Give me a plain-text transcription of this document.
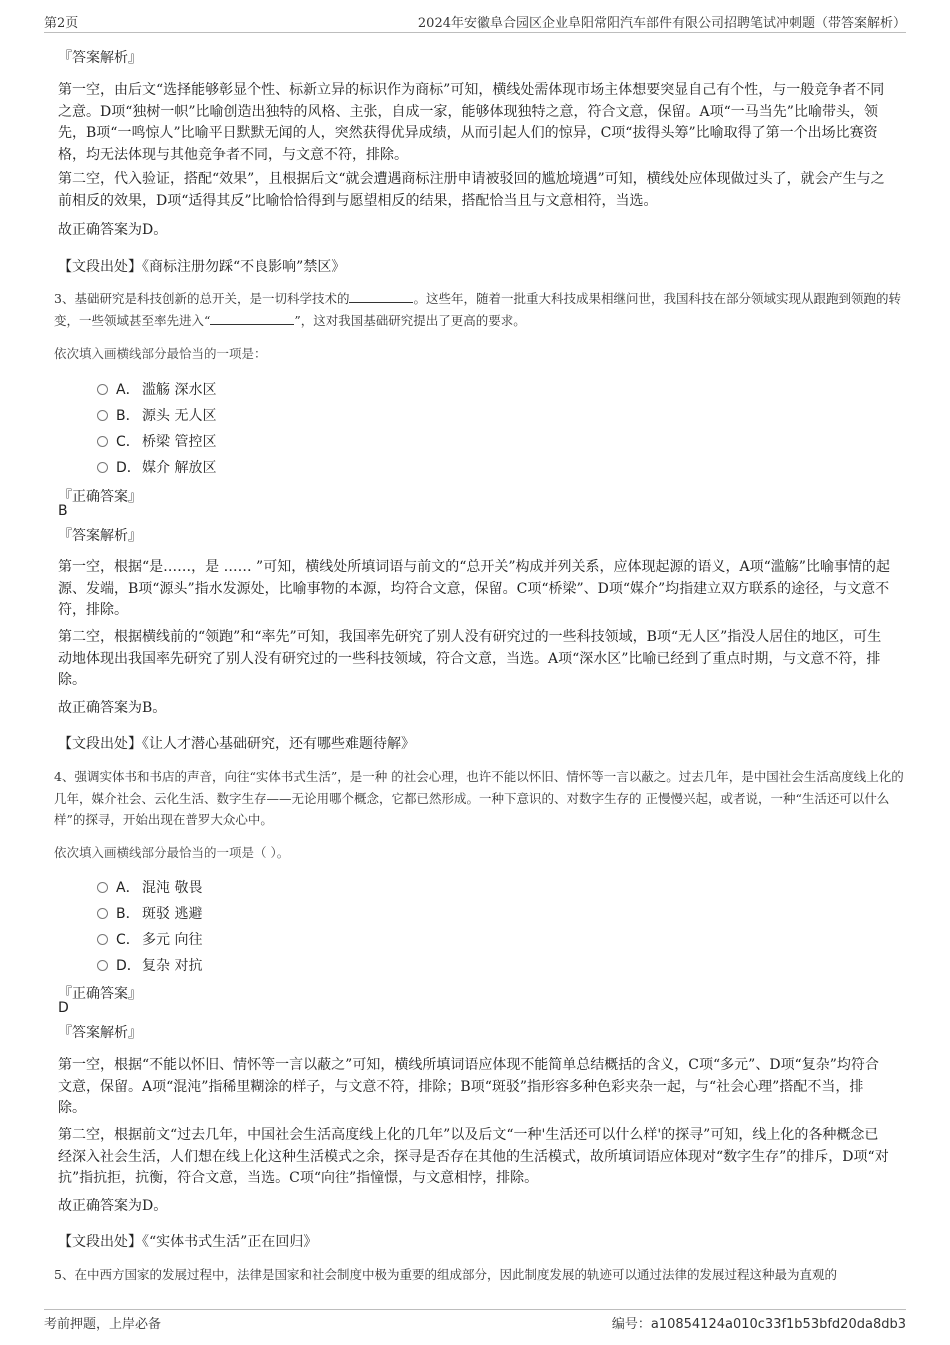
第2页	2024年安徽阜合园区企业阜阳常阳汽车部件有限公司招聘笔试冲刺题（带答案解析）

『答案解析』

第一空，由后文“选择能够彰显个性、标新立异的标识作为商标”可知，横线处需体现市场主体想要突显自己有个性，与一般竞争者不同之意。D项“独树一帜”比喻创造出独特的风格、主张，自成一家，能够体现独特之意，符合文意，保留。A项“一马当先”比喻带头，领先，B项“一鸣惊人”比喻平日默默无闻的人，突然获得优异成绩，从而引起人们的惊异，C项“拔得头筹”比喻取得了第一个出场比赛资格，均无法体现与其他竞争者不同，与文意不符，排除。

第二空，代入验证，搭配“效果”，且根据后文“就会遭遇商标注册申请被驳回的尴尬境遇”可知，横线处应体现做过头了，就会产生与之前相反的效果，D项“适得其反”比喻恰恰得到与愿望相反的结果，搭配恰当且与文意相符，当选。

故正确答案为D。

【文段出处】《商标注册勿踩“不良影响”禁区》

3、基础研究是科技创新的总开关，是一切科学技术的	。这些年，随着一批重大科技成果相继问世，我国科技在部分领域实现从跟跑到领跑的转变，一些领域甚至率先进入“	”，这对我国基础研究提出了更高的要求。

依次填入画横线部分最恰当的一项是：

A． 滥觞 深水区
B． 源头 无人区
C． 桥梁 管控区
D．媒介 解放区

『正确答案』

B

『答案解析』

第一空，根据“是……，是 …… ”可知，横线处所填词语与前文的“总开关”构成并列关系，应体现起源的语义，A项“滥觞”比喻事情的起源、发端，B项“源头”指水发源处，比喻事物的本源，均符合文意，保留。C项“桥梁”、D项“媒介”均指建立双方联系的途径，与文意不符，排除。

第二空，根据横线前的“领跑”和“率先”可知，我国率先研究了别人没有研究过的一些科技领域，B项“无人区”指没人居住的地区，可生动地体现出我国率先研究了别人没有研究过的一些科技领域，符合文意，当选。A项“深水区”比喻已经到了重点时期，与文意不符，排除。

故正确答案为B。

【文段出处】《让人才潜心基础研究，还有哪些难题待解》

4、强调实体书和书店的声音，向往“实体书式生活”，是一种 的社会心理，也许不能以怀旧、情怀等一言以蔽之。过去几年，是中国社会生活高度线上化的几年，媒介社会、云化生活、数字生存——无论用哪个概念，它都已然形成。一种下意识的、对数字生存的 正慢慢兴起，或者说，一种“生活还可以什么样”的探寻，开始出现在普罗大众心中。

依次填入画横线部分最恰当的一项是（ ）。

A． 混沌 敬畏
B． 斑驳 逃避
C． 多元 向往
D．复杂 对抗

『正确答案』

D

『答案解析』

第一空，根据“不能以怀旧、情怀等一言以蔽之”可知，横线所填词语应体现不能简单总结概括的含义，C项“多元”、D项“复杂”均符合文意，保留。A项“混沌”指稀里糊涂的样子，与文意不符，排除；B项“斑驳”指形容多种色彩夹杂一起，与“社会心理”搭配不当，排除。

第二空，根据前文“过去几年，中国社会生活高度线上化的几年”以及后文“一种'生活还可以什么样'的探寻”可知，线上化的各种概念已经深入社会生活，人们想在线上化这种生活模式之余，探寻是否存在其他的生活模式，故所填词语应体现对“数字生存”的排斥，D项“对抗”指抗拒，抗衡，符合文意，当选。C项“向往”指憧憬，与文意相悖，排除。

故正确答案为D。

【文段出处】《“实体书式生活”正在回归》

5、在中西方国家的发展过程中，法律是国家和社会制度中极为重要的组成部分，因此制度发展的轨迹可以通过法律的发展过程这种最为直观的

考前押题，上岸必备	编号：a10854124a010c33f1b53bfd20da8db3
